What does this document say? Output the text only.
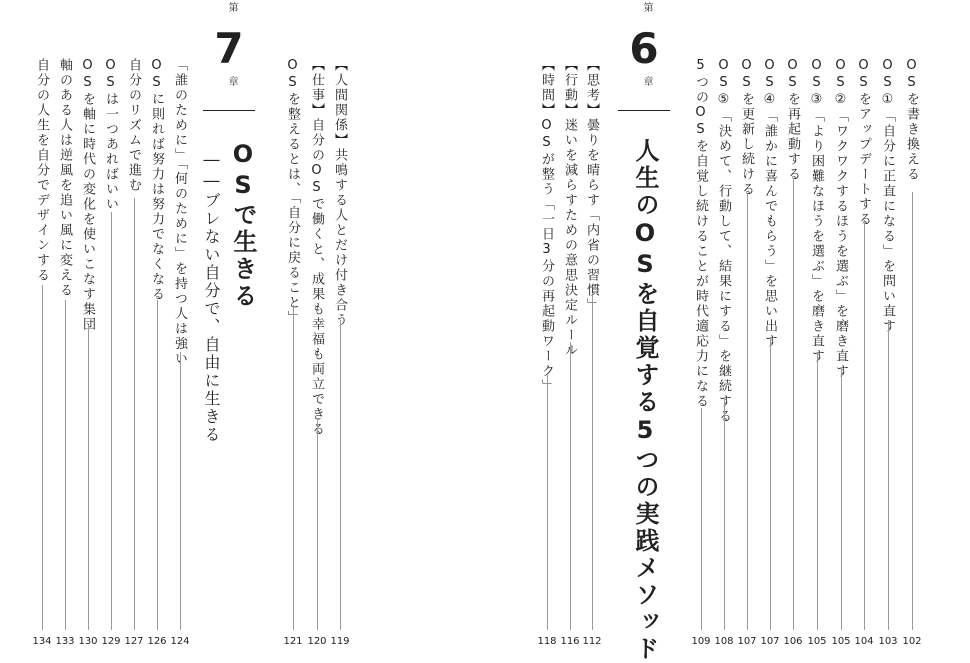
第
6
章
人生のOSを自覚する5つの実践メソッド
OSを書き換える
102
OS①「自分に正直になる」を問い直す
103
OSをアップデートする
104
OS②「ワクワクするほうを選ぶ」を磨き直す
105
OS③「より困難なほうを選ぶ」を磨き直す
105
OSを再起動する
106
OS④「誰かに喜んでもらう」を思い出す
107
OSを更新し続ける
107
OS⑤「決めて、行動して、結果にする」を継続する
108
5つのOSを自覚し続けることが時代適応力になる
109
【思考】曇りを晴らす「内省の習慣」
112
【行動】迷いを減らすための意思決定ルール
116
【時間】OSが整う「一日3分の再起動ワーク」
118
第
7
章
OSで生きる
――ブレない自分で、自由に生きる	【人間関係】共鳴する人とだけ付き合う
119
【仕事】自分のOSで働くと、成果も幸福も両立できる
120
OSを整えるとは、「自分に戻ること」
121
「誰のために」「何のために」を持つ人は強い
124
OSに則れば努力は努力でなくなる
126
自分のリズムで進む
127
OSは一つあればいい
129
OSを軸に時代の変化を使いこなす集団
130
軸のある人は逆風を追い風に変える
133
自分の人生を自分でデザインする
134
